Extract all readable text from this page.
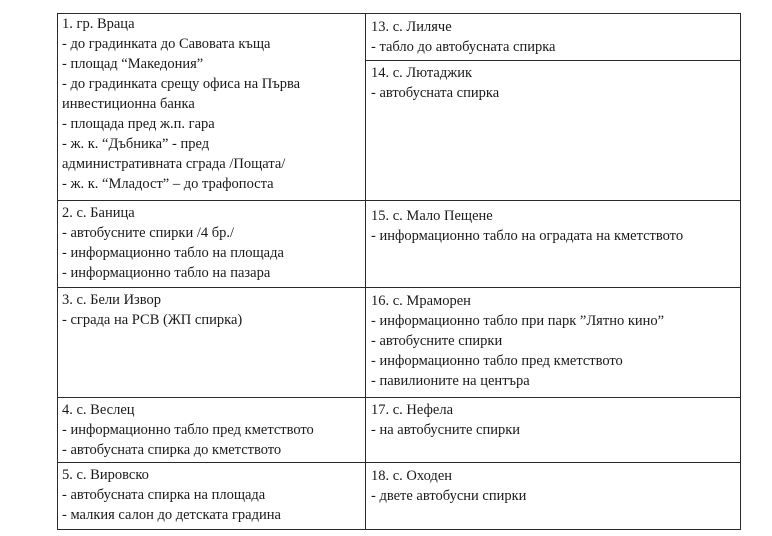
1. гр. Враца
- до градинката до Савовата къща
- площад “Македония”
- до градинката срещу офиса на Първа
инвестиционна банка
- площада пред ж.п. гара
- ж. к. “Дъбника” - пред
административната сграда /Пощата/
- ж. к. “Младост” – до трафопоста
2. с. Баница
- автобусните спирки /4 бр./
- информационно табло на площада
- информационно табло на пазара
3. с. Бели Извор
- сграда на РСВ (ЖП спирка)
4. с. Веслец
- информационно табло пред кметството
- автобусната спирка до кметството
5. с. Вировско
- автобусната спирка на площада
- малкия салон до детската градина
13. с. Лиляче
- табло до автобусната спирка
14. с. Лютаджик
- автобусната спирка
15. с. Мало Пещене
- информационно табло на оградата на кметството
16. с. Мраморен
- информационно табло при парк ”Лятно кино”
- автобусните спирки
- информационно табло пред кметството
- павилионите на центъра
17. с. Нефела
- на автобусните спирки
18. с. Оходен
- двете автобусни спирки
